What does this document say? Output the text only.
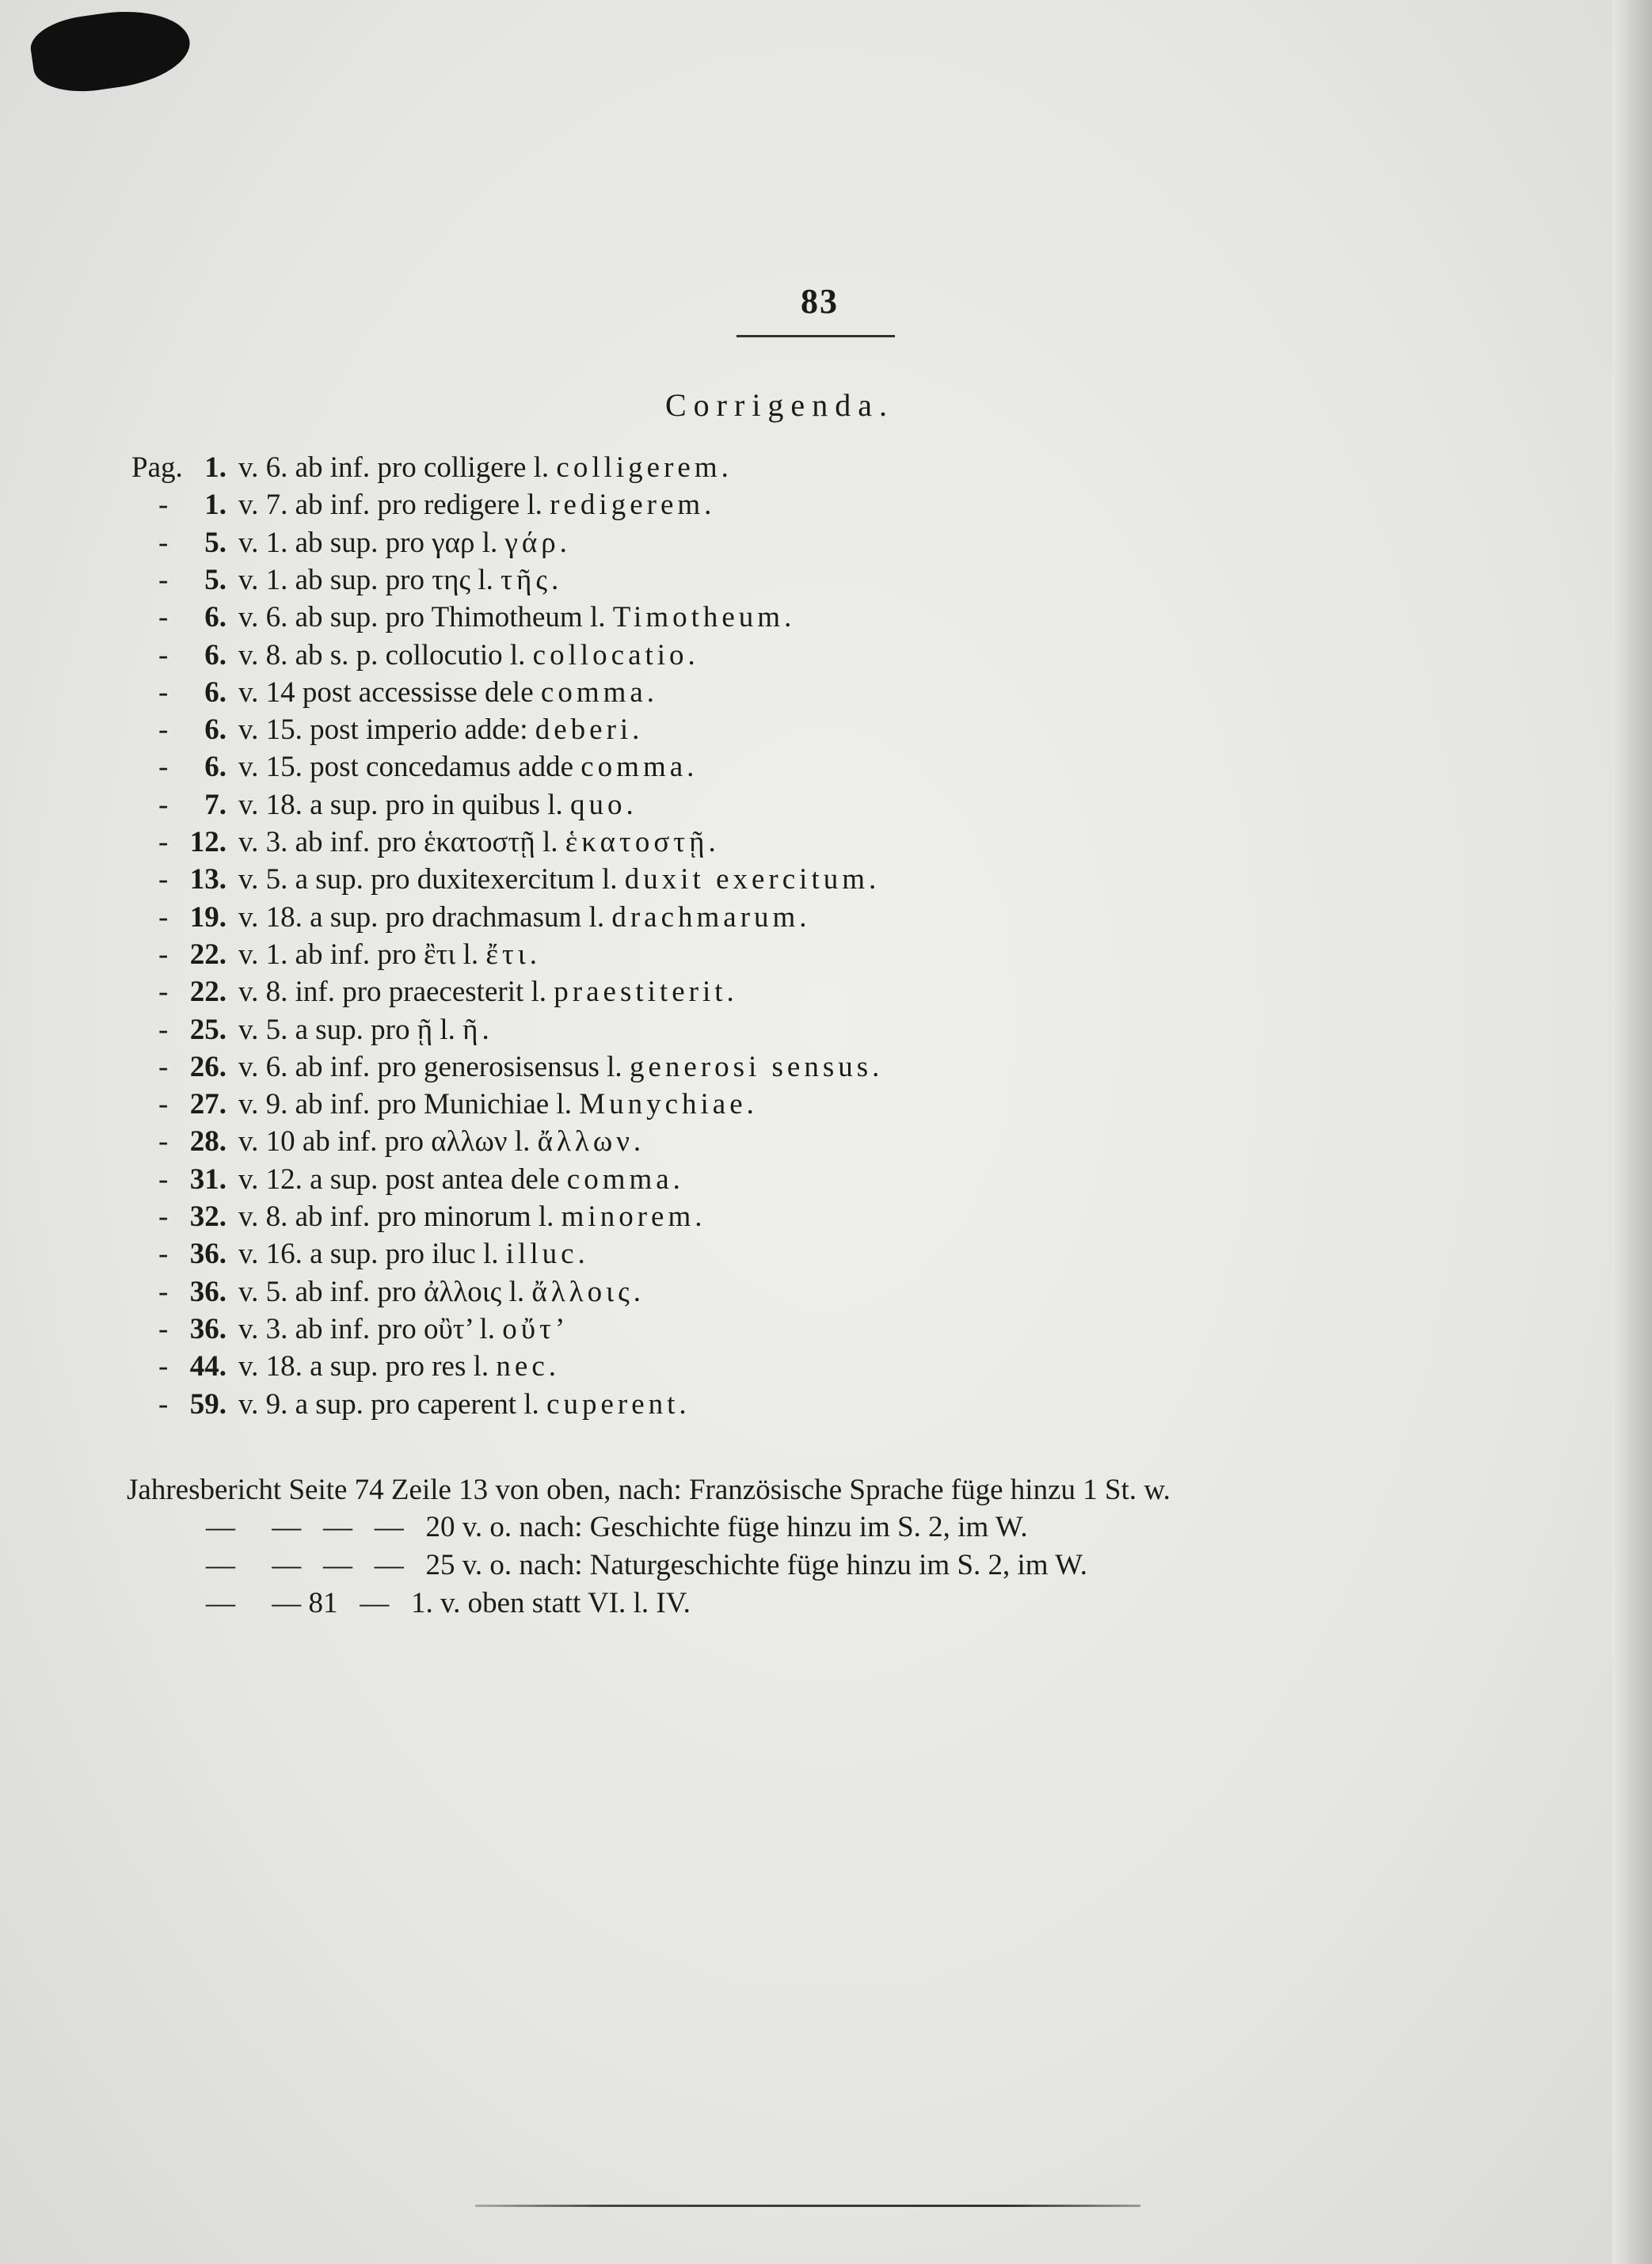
83
Corrigenda.
Pag. 1. v. 6. ab inf. pro colligere l. colligerem.
-	1. v. 7. ab inf. pro redigere l. redigerem.
-	5. v. 1. ab sup. pro γαρ l. γάρ.
-	5. v. 1. ab sup. pro της l. τῆς.
-	6. v. 6. ab sup. pro Thimotheum l. Timotheum.
-	6. v. 8. ab s. p. collocutio l. collocatio.
-	6. v. 14 post accessisse dele comma.
-	6. v. 15. post imperio adde: deberi.
-	6. v. 15. post concedamus adde comma.
-	7. v. 18. a sup. pro in quibus l. quo.
- 12. v. 3. ab inf. pro ἑκατοστῇ l. ἑκατοστῇ.
- 13. v. 5. a sup. pro duxitexercitum l. duxit exercitum.
- 19. v. 18. a sup. pro drachmasum l. drachmarum.
- 22. v. 1. ab inf. pro ἒτι l. ἔτι.
- 22. v. 8. inf. pro praecesterit l. praestiterit.
- 25. v. 5. a sup. pro ῇ l. ῆ.
- 26. v. 6. ab inf. pro generosisensus l. generosi sensus.
- 27. v. 9. ab inf. pro Munichiae l. Munychiae.
- 28. v. 10 ab inf. pro αλλων l. ἄλλων.
- 31. v. 12. a sup. post antea dele comma.
- 32. v. 8. ab inf. pro minorum l. minorem.
- 36. v. 16. a sup. pro iluc l. illuc.
- 36. v. 5. ab inf. pro ἀλλοις l. ἄλλοις.
- 36. v. 3. ab inf. pro οὒτ’ l. οὔτ’
- 44. v. 18. a sup. pro res l. nec.
- 59. v. 9. a sup. pro caperent l. cuperent.
Jahresbericht Seite 74 Zeile 13 von oben, nach: Französische Sprache füge hinzu 1 St. w.
—     —   —   —   20 v. o. nach: Geschichte füge hinzu im S. 2, im W.
—     —   —   —   25 v. o. nach: Naturgeschichte füge hinzu im S. 2, im W.
—     — 81   —   1. v. oben statt VI. l. IV.
